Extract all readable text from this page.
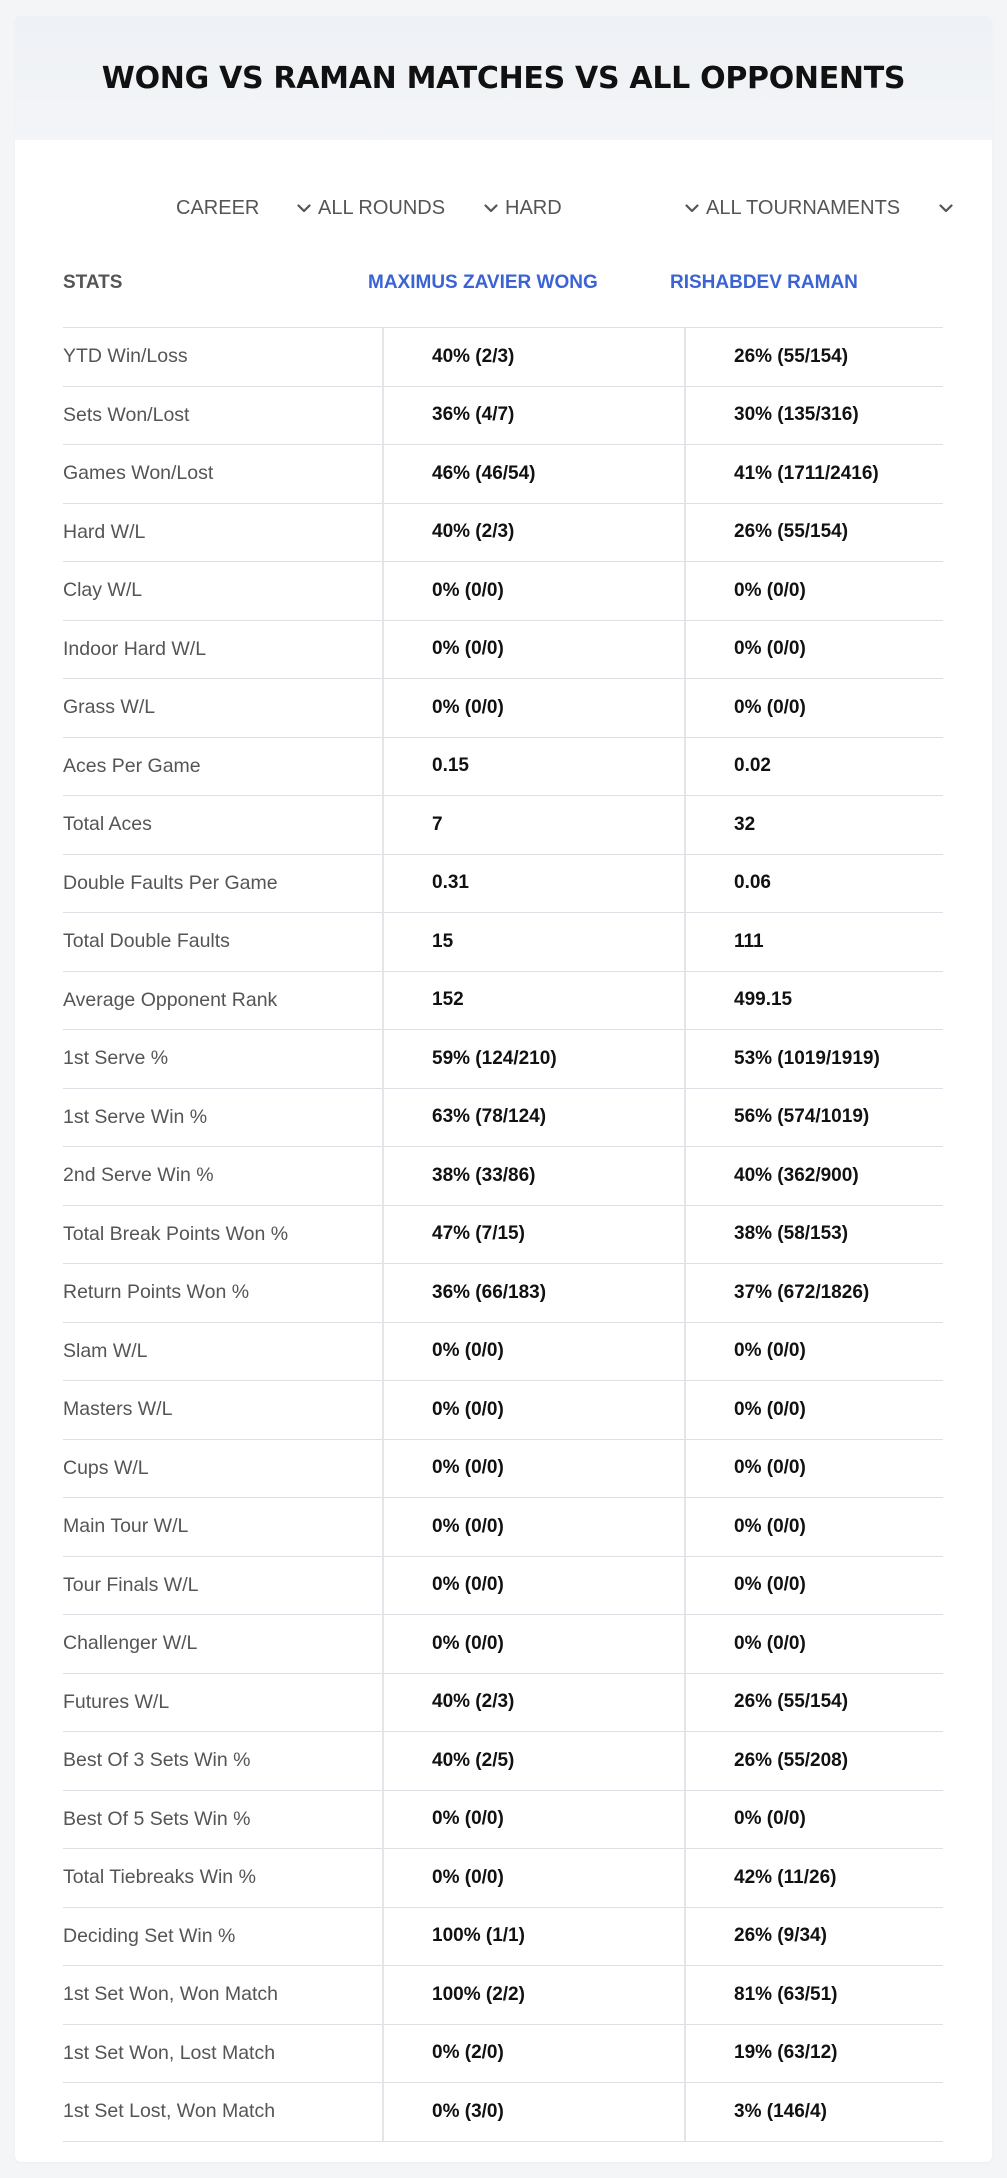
WONG VS RAMAN MATCHES VS ALL OPPONENTS
CAREER	ALL ROUNDS	HARD	ALL TOURNAMENTS
STATS	MAXIMUS ZAVIER WONG	RISHABDEV RAMAN
YTD Win/Loss	40% (2/3)	26% (55/154)
Sets Won/Lost	36% (4/7)	30% (135/316)
Games Won/Lost	46% (46/54)	41% (1711/2416)
Hard W/L	40% (2/3)	26% (55/154)
Clay W/L	0% (0/0)	0% (0/0)
Indoor Hard W/L	0% (0/0)	0% (0/0)
Grass W/L	0% (0/0)	0% (0/0)
Aces Per Game	0.15	0.02
Total Aces	7	32
Double Faults Per Game	0.31	0.06
Total Double Faults	15	111
Average Opponent Rank	152	499.15
1st Serve %	59% (124/210)	53% (1019/1919)
1st Serve Win %	63% (78/124)	56% (574/1019)
2nd Serve Win %	38% (33/86)	40% (362/900)
Total Break Points Won %	47% (7/15)	38% (58/153)
Return Points Won %	36% (66/183)	37% (672/1826)
Slam W/L	0% (0/0)	0% (0/0)
Masters W/L	0% (0/0)	0% (0/0)
Cups W/L	0% (0/0)	0% (0/0)
Main Tour W/L	0% (0/0)	0% (0/0)
Tour Finals W/L	0% (0/0)	0% (0/0)
Challenger W/L	0% (0/0)	0% (0/0)
Futures W/L	40% (2/3)	26% (55/154)
Best Of 3 Sets Win %	40% (2/5)	26% (55/208)
Best Of 5 Sets Win %	0% (0/0)	0% (0/0)
Total Tiebreaks Win %	0% (0/0)	42% (11/26)
Deciding Set Win %	100% (1/1)	26% (9/34)
1st Set Won, Won Match	100% (2/2)	81% (63/51)
1st Set Won, Lost Match	0% (2/0)	19% (63/12)
1st Set Lost, Won Match	0% (3/0)	3% (146/4)
